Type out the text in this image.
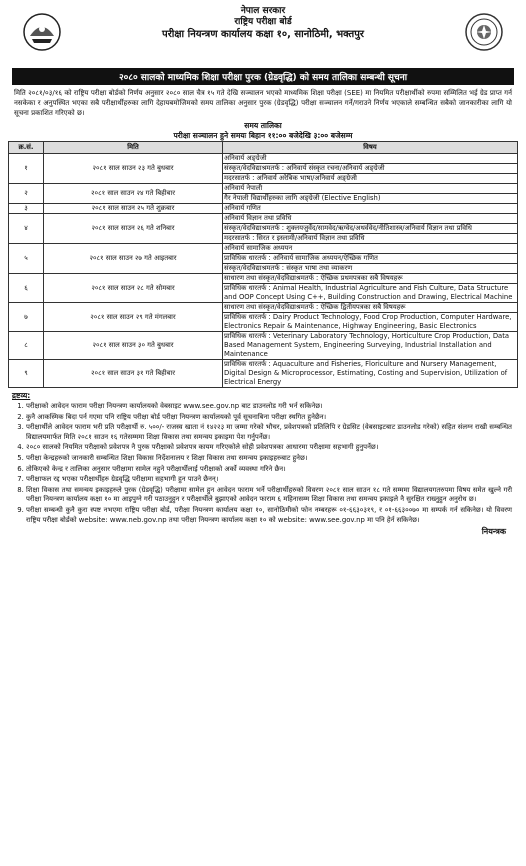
नेपाल सरकार
राष्ट्रिय परीक्षा बोर्ड
परीक्षा नियन्त्रण कार्यालय कक्षा १०, सानोठिमी, भक्तपुर
२०८० सालको माध्यमिक शिक्षा परीक्षा पुरक (ग्रेडवृद्धि) को समय तालिका सम्बन्धी सूचना
मिति २०८१/०३/१६ को राष्ट्रिय परीक्षा बोर्डको निर्णय अनुसार २०८० साल चैत्र १५ गते देखि सञ्चालन भएको माध्यमिक शिक्षा परीक्षा (SEE) मा नियमित परीक्षार्थीको रुपमा सम्मिलित भई ग्रेड प्राप्त गर्न नसकेका र अनुपस्थित भएका सबै परीक्षार्थीहरुका लागि देहायबमोजिमको समय तालिका अनुसार पुरक (ग्रेडवृद्धि) परीक्षा सञ्चालन गर्ने/गराउने निर्णय भएकाले सम्बन्धित सबैको जानकारीका लागि यो सूचना प्रकाशित गरिएको छ।
समय तालिका
परीक्षा सञ्चालन हुने समयः बिहान ११:०० बजेदेखि ३:०० बजेसम्म
क्र.सं.	मिति	विषय
१	२०८१ साल साउन २३ गते बुधबार	अनिवार्य अङ्ग्रेजी
संस्कृत/वेदविद्याश्रमतर्फ : अनिवार्य संस्कृत रचना/अनिवार्य अङ्ग्रेजी
मदरसातर्फ : अनिवार्य अरेबिक भाषा/अनिवार्य अङ्ग्रेजी

२	२०८१ साल साउन २४ गते बिहीबार	अनिवार्य नेपाली
गैर नेपाली विद्यार्थीहरुका लागि अङ्ग्रेजी (Elective English)

३	२०८१ साल साउन २५ गते शुक्रबार	अनिवार्य गणित

४	२०८१ साल साउन २६ गते शनिबार	अनिवार्य विज्ञान तथा प्रविधि
संस्कृत/वेदविद्याश्रमतर्फ : शुक्लयजुर्वेद/सामवेद/ऋग्वेद/अथर्ववेद/नीतिशास्त्र/अनिवार्य विज्ञान तथा प्रविधि
मदरसातर्फ : सिरत र इस्लामी/अनिवार्य विज्ञान तथा प्रविधि

५	२०८१ साल साउन २७ गते आइतबार	अनिवार्य सामाजिक अध्ययन
प्राविधिक धारतर्फ : अनिवार्य सामाजिक अध्ययन/ऐच्छिक गणित
संस्कृत/वेदविद्याश्रमतर्फ : संस्कृत भाषा तथा व्याकरण

६	२०८१ साल साउन २८ गते सोमबार	साधारण तथा संस्कृत/वेदविद्याश्रमतर्फ : ऐच्छिक प्रथमपत्रका सबै विषयहरू
प्राविधिक धारतर्फ : Animal Health, Industrial Agriculture and Fish Culture, Data Structure and OOP Concept Using C++, Building Construction and Drawing, Electrical Machine

७	२०८१ साल साउन २९ गते मंगलबार	साधारण तथा संस्कृत/वेदविद्याश्रमतर्फ : ऐच्छिक द्वितीयपत्रका सबै विषयहरू
प्राविधिक धारतर्फ : Dairy Product Technology, Food Crop Production, Computer Hardware, Electronics Repair & Maintenance, Highway Engineering, Basic Electronics

८	२०८१ साल साउन ३० गते बुधबार	प्राविधिक धारतर्फ : Veterinary Laboratory Technology, Horticulture Crop Production, Data Based Management System, Engineering Surveying, Industrial Installation and Maintenance

९	२०८१ साल साउन ३१ गते बिहीबार	प्राविधिक धारतर्फ : Aquaculture and Fisheries, Floriculture and Nursery Management, Digital Design & Microprocessor, Estimating, Costing and Supervision, Utilization of Electrical Energy
द्रष्टव्य:
1. परीक्षाको आवेदन फाराम परीक्षा नियन्त्रण कार्यालयको वेबसाइट www.see.gov.np बाट डाउनलोड गरी भर्न सकिनेछ।
2. कुनै आकस्मिक बिदा पर्न गएमा पनि राष्ट्रिय परीक्षा बोर्ड परीक्षा नियन्त्रण कार्यालयको पूर्व सूचनाबिना परीक्षा स्थगित हुनेछैन।
3. परीक्षार्थीले आवेदन फाराम भरी प्रति परीक्षार्थी रु. ५००/- राजस्व खाता नं १४२२३ मा जम्मा गरेको भौचर, प्रवेशपत्रको प्रतिलिपि र ग्रेडसिट (वेबसाइटबाट डाउनलोड गरेको) सहित संलग्न राखी सम्बन्धित विद्यालयमार्फत मिति २०८१ साउन १६ गतेसम्ममा शिक्षा विकास तथा समन्वय इकाइमा पेश गर्नुपर्नेछ।
4. २०८० सालको नियमित परीक्षाको प्रवेशपत्र नै पुरक परीक्षाको प्रवेशपत्र कायम गरिएकोले सोही प्रवेशपत्रका आधारमा परीक्षामा सहभागी हुनुपर्नेछ।
5. परीक्षा केन्द्रहरुको जानकारी सम्बन्धित शिक्षा विकास निर्देशनालय र शिक्षा विकास तथा समन्वय इकाइहरुबाट हुनेछ।
6. तोकिएको केन्द्र र तालिका अनुसार परीक्षामा सामेल नहुने परीक्षार्थीलाई परीक्षाको अर्को व्यवस्था गरिने छैन।
7. परीक्षाफल रद्द भएका परीक्षार्थीहरु ग्रेडवृद्धि परीक्षामा सहभागी हुन पाउने छैनन्।
8. शिक्षा विकास तथा समन्वय इकाइहरुले पुरक (ग्रेडवृद्धि) परीक्षामा सामेल हुन आवेदन फाराम भर्ने परीक्षार्थीहरुको विवरण २०८१ साल साउन १८ गते सम्ममा विद्यालयगतरुपमा विषय समेत खुल्ने गरी परीक्षा नियन्त्रण कार्यालय कक्षा १० मा आइपुग्ने गरी पठाउनुहुन र परीक्षार्थीले बुझाएको आवेदन फाराम ६ महिनासम्म शिक्षा विकास तथा समन्वय इकाइले नै सुरक्षित राख्नुहुन अनुरोध छ।
9. परीक्षा सम्बन्धी कुनै कुरा स्पष्ट नभएमा राष्ट्रिय परीक्षा बोर्ड, परीक्षा नियन्त्रण कार्यालय कक्षा १०, सानोठिमीको फोन नम्बरहरू ०१-६६३०३१९, र ०१-६६३००७० मा सम्पर्क गर्न सकिनेछ। यो विवरण राष्ट्रिय परीक्षा बोर्डको website: www.neb.gov.np तथा परीक्षा नियन्त्रण कार्यालय कक्षा १० को website: www.see.gov.np मा पनि हेर्न सकिनेछ।
नियन्त्रक
